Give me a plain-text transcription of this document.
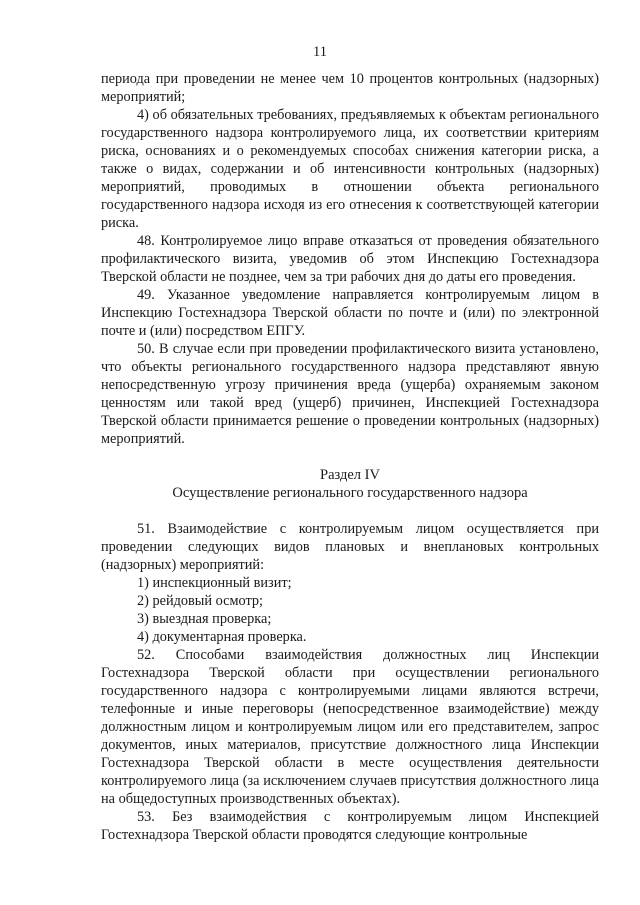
11

периода при проведении не менее чем 10 процентов контрольных (надзорных) мероприятий;

4) об обязательных требованиях, предъявляемых к объектам регионального государственного надзора контролируемого лица, их соответствии критериям риска, основаниях и о рекомендуемых способах снижения категории риска, а также о видах, содержании и об интенсивности контрольных (надзорных) мероприятий, проводимых в отношении объекта регионального государственного надзора исходя из его отнесения к соответствующей категории риска.

48. Контролируемое лицо вправе отказаться от проведения обязательного профилактического визита, уведомив об этом Инспекцию Гостехнадзора Тверской области не позднее, чем за три рабочих дня до даты его проведения.

49. Указанное уведомление направляется контролируемым лицом в Инспекцию Гостехнадзора Тверской области по почте и (или) по электронной почте и (или) посредством ЕПГУ.

50. В случае если при проведении профилактического визита установлено, что объекты регионального государственного надзора представляют явную непосредственную угрозу причинения вреда (ущерба) охраняемым законом ценностям или такой вред (ущерб) причинен, Инспекцией Гостехнадзора Тверской области принимается решение о проведении контрольных (надзорных) мероприятий.

Раздел IV

Осуществление регионального государственного надзора

51. Взаимодействие с контролируемым лицом осуществляется при проведении следующих видов плановых и внеплановых контрольных (надзорных) мероприятий:

1) инспекционный визит;

2) рейдовый осмотр;

3) выездная проверка;

4) документарная проверка.

52. Способами взаимодействия должностных лиц Инспекции Гостехнадзора Тверской области при осуществлении регионального государственного надзора с контролируемыми лицами являются встречи, телефонные и иные переговоры (непосредственное взаимодействие) между должностным лицом и контролируемым лицом или его представителем, запрос документов, иных материалов, присутствие должностного лица Инспекции Гостехнадзора Тверской области в месте осуществления деятельности контролируемого лица (за исключением случаев присутствия должностного лица на общедоступных производственных объектах).

53. Без взаимодействия с контролируемым лицом Инспекцией Гостехнадзора Тверской области проводятся следующие контрольные
